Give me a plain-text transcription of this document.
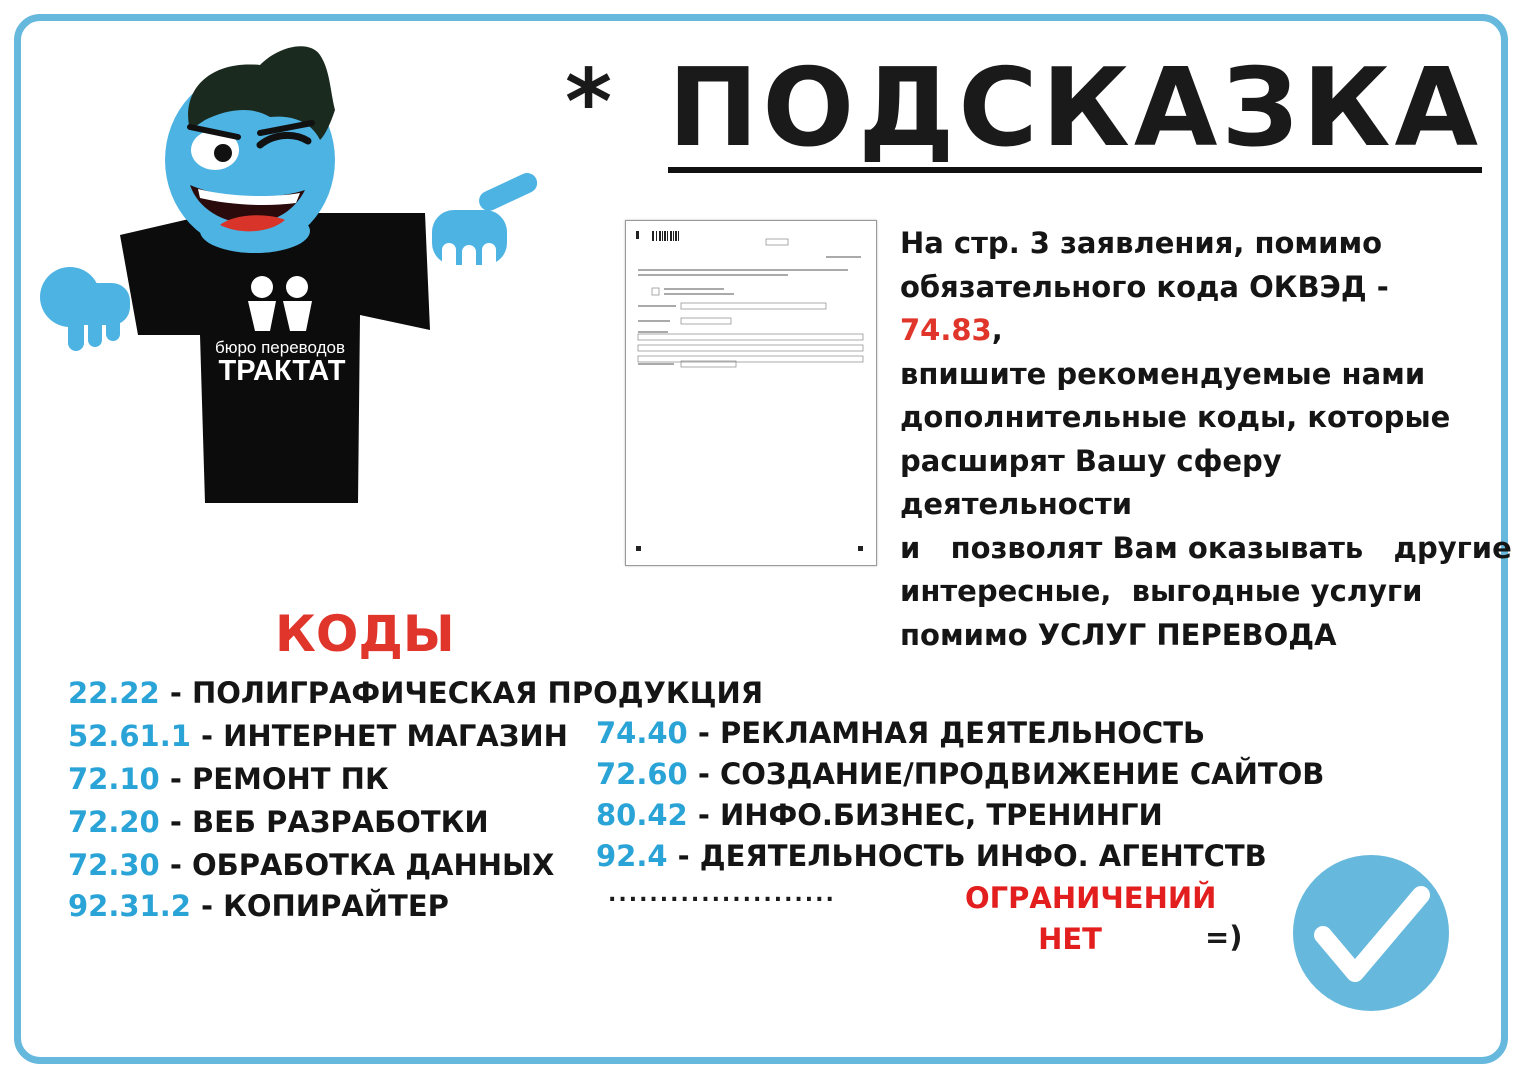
бюро переводов
ТРАКТАТ
* ПОДСКАЗКА
На стр. 3 заявления, помимо
обязательного кода ОКВЭД - 74.83,
впишите рекомендуемые нами
дополнительные коды, которые
расширят Вашу сферу деятельности
и   позволят Вам оказывать   другие
интересные,  выгодные услуги
помимо УСЛУГ ПЕРЕВОДА
КОДЫ
22.22 - ПОЛИГРАФИЧЕСКАЯ ПРОДУКЦИЯ
52.61.1 - ИНТЕРНЕТ МАГАЗИН
72.10 - РЕМОНТ ПК
72.20 - ВЕБ РАЗРАБОТКИ
72.30 - ОБРАБОТКА ДАННЫХ
92.31.2 - КОПИРАЙТЕР
74.40 - РЕКЛАМНАЯ ДЕЯТЕЛЬНОСТЬ
72.60 - СОЗДАНИЕ/ПРОДВИЖЕНИЕ САЙТОВ
80.42 - ИНФО.БИЗНЕС, ТРЕНИНГИ
92.4 - ДЕЯТЕЛЬНОСТЬ ИНФО. АГЕНТСТВ
......................	ОГРАНИЧЕНИЙ
НЕТ	=)
